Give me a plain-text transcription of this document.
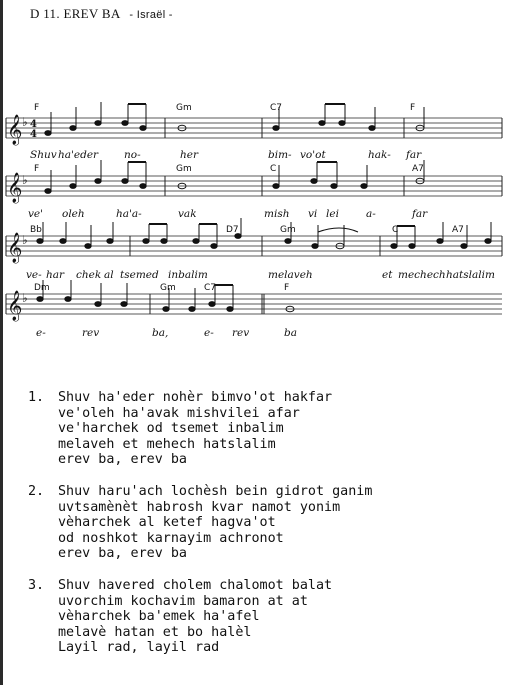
D 11. EREV BA - Israël -
𝄞
𝄞
𝄞
𝄞
♭
♭
♭
♭
4
4
F	Gm	C7	F
F	Gm	C	A7
Bb	D7	Gm	C	A7
Dm	Gm	C7	F
Shuv ha'eder no-	her	bim- vo'ot	hak- far
ve' oleh	ha'a-	vak	mish vi lei	a-	far
ve- har chek al tsemed inbalim	melaveh	et mechech hatslalim
e-	rev	ba,	e- rev	ba
1.	Shuv ha'eder nohèr bimvo'ot hakfar
ve'oleh ha'avak mishvilei afar
ve'harchek od tsemet inbalim
melaveh et mehech hatslalim
erev ba, erev ba
2.	Shuv haru'ach lochèsh bein gidrot ganim
uvtsamènèt habrosh kvar namot yonim
vèharchek al ketef hagva'ot
od noshkot karnayim achronot
erev ba, erev ba
3.	Shuv havered cholem chalomot balat
uvorchim kochavim bamaron at at
vèharchek ba'emek ha'afel
melavè hatan et bo halèl
Layil rad, layil rad
